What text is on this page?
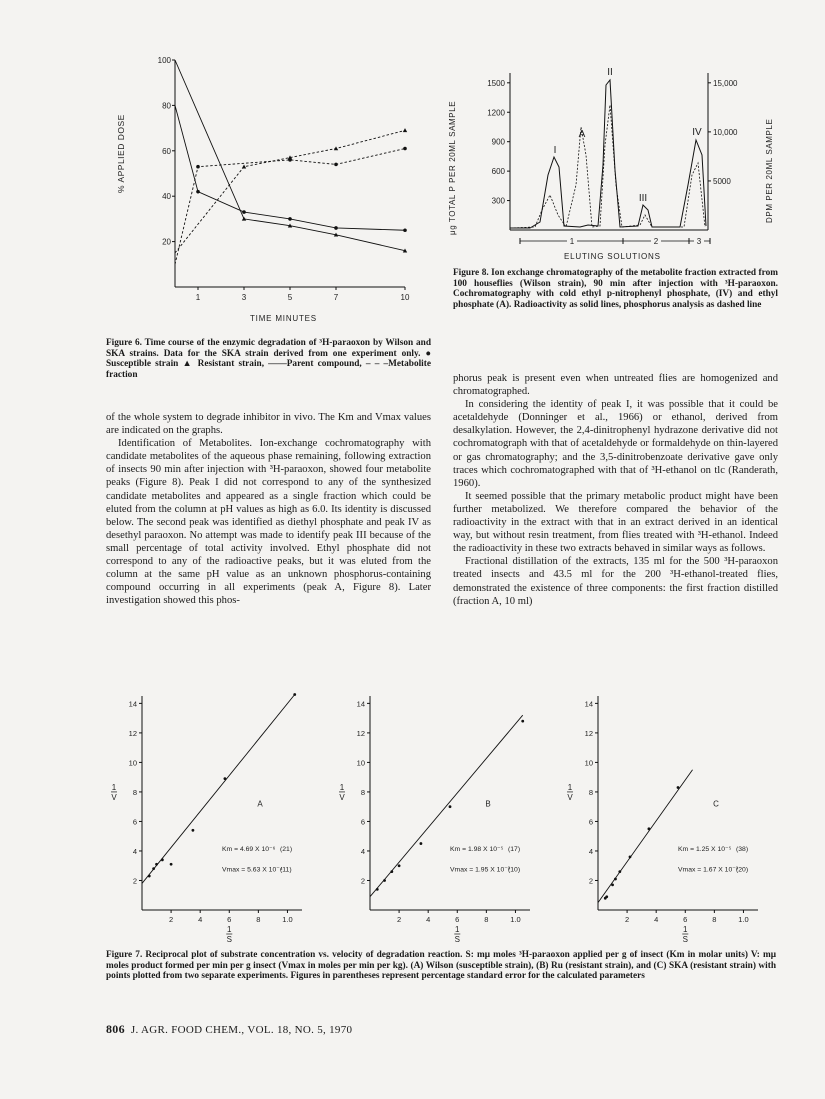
20
40
60
80
100
1	3	5	7	10
% APPLIED DOSE
TIME MINUTES
Figure 6. Time course of the enzymic degradation of ³H-paraoxon by Wilson and SKA strains. Data for the SKA strain derived from one experiment only. ● Susceptible strain ▲ Resistant strain, ——Parent compound, – – –Metabolite fraction
300
600
900
1200
1500
5000
10,000
15,000
1	2	3
I
A
II
III
IV
μg TOTAL P PER 20ML SAMPLE	DPM PER 20ML SAMPLE
ELUTING SOLUTIONS
Figure 8. Ion exchange chromatography of the metabolite fraction extracted from 100 houseflies (Wilson strain), 90 min after injection with ³H-paraoxon. Cochromatography with cold ethyl p-nitrophenyl phosphate, (IV) and ethyl phosphate (A). Radioactivity as solid lines, phosphorus analysis as dashed line

of the whole system to degrade inhibitor in vivo. The Km and Vmax values are indicated on the graphs.

Identification of Metabolites. Ion-exchange cochromatography with candidate metabolites of the aqueous phase remaining, following extraction of insects 90 min after injection with ³H-paraoxon, showed four metabolite peaks (Figure 8). Peak I did not correspond to any of the synthesized candidate metabolites and appeared as a single fraction which could be eluted from the column at pH values as high as 6.0. Its identity is discussed below. The second peak was identified as diethyl phosphate and peak IV as desethyl paraoxon. No attempt was made to identify peak III because of the small percentage of total activity involved. Ethyl phosphate did not correspond to any of the radioactive peaks, but it was eluted from the column at the same pH value as an unknown phosphorus-containing compound occurring in all experiments (peak A, Figure 8). Later investigation showed this phos-

phorus peak is present even when untreated flies are homogenized and chromatographed.

In considering the identity of peak I, it was possible that it could be acetaldehyde (Donninger et al., 1966) or ethanol, derived from desalkylation. However, the 2,4-dinitrophenyl hydrazone derivative did not cochromatograph with that of acetaldehyde or formaldehyde on thin-layered or gas chromatography; and the 3,5-dinitrobenzoate derivative gave only traces which cochromatographed with that of ³H-ethanol on tlc (Randerath, 1960).

It seemed possible that the primary metabolic product might have been further metabolized. We therefore compared the behavior of the radioactivity in the extract with that in an extract derived in an identical way, but without resin treatment, from flies treated with ³H-ethanol. Indeed the radioactivity in these two extracts behaved in similar ways as follows.

Fractional distillation of the extracts, 135 ml for the 500 ³H-paraoxon treated insects and 43.5 ml for the 200 ³H-ethanol-treated flies, demonstrated the existence of three components: the first fraction distilled (fraction A, 10 ml)

2
4
6
8
10
12
14
2	4	6	8	1.0
1
V
1
S
A
Km = 4.69 X 10⁻⁶ (21)
Vmax = 5.63 X 10⁻⁴
(11)
2
4
6
8
10
12
14
2	4	6	8	1.0
1
V
1
S
B
Km = 1.98 X 10⁻⁵ (17)
Vmax = 1.95 X 10⁻³
(10)
2
4
6
8
10
12
14
2	4	6	8	1.0
1
V
1
S
C
Km = 1.25 X 10⁻⁵ (38)
Vmax = 1.67 X 10⁻³
(20)
Figure 7. Reciprocal plot of substrate concentration vs. velocity of degradation reaction. S: mμ moles ³H-paraoxon applied per g of insect (Km in molar units) V: mμ moles product formed per min per g insect (Vmax in moles per min per kg). (A) Wilson (susceptible strain), (B) Ru (resistant strain), and (C) SKA (resistant strain) with points plotted from two separate experiments. Figures in parentheses represent percentage standard error for the calculated parameters
806 J. AGR. FOOD CHEM., VOL. 18, NO. 5, 1970
